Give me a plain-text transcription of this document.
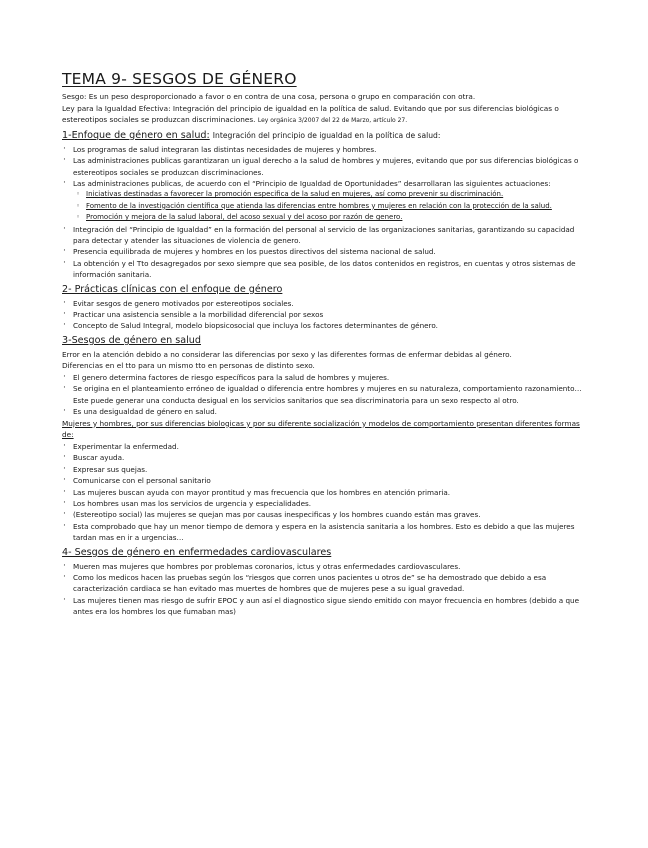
TEMA 9- SESGOS DE GÉNERO

Sesgo: Es un peso desproporcionado a favor o en contra de una cosa, persona o grupo en comparación con otra.

Ley para la Igualdad Efectiva: Integración del principio de igualdad en la política de salud. Evitando que por sus diferencias biológicas o estereotipos sociales se produzcan discriminaciones. Ley orgánica 3/2007 del 22 de Marzo, artículo 27.

1-Enfoque de género en salud: Integración del principio de igualdad en la política de salud:
· Los programas de salud integraran las distintas necesidades de mujeres y hombres.
· Las administraciones publicas garantizaran un igual derecho a la salud de hombres y mujeres, evitando que por sus diferencias biológicas o estereotipos sociales se produzcan discriminaciones.
· Las administraciones publicas, de acuerdo con el “Principio de Igualdad de Oportunidades” desarrollaran las siguientes actuaciones:
◦ Iniciativas destinadas a favorecer la promoción especifica de la salud en mujeres, así como prevenir su discriminación.
◦ Fomento de la investigación científica que atienda las diferencias entre hombres y mujeres en relación con la protección de la salud.
◦ Promoción y mejora de la salud laboral, del acoso sexual y del acoso por razón de genero.
· Integración del “Principio de Igualdad” en la formación del personal al servicio de las organizaciones sanitarias, garantizando su capacidad para detectar y atender las situaciones de violencia de genero.
· Presencia equilibrada de mujeres y hombres en los puestos directivos del sistema nacional de salud.
· La obtención y el Tto desagregados por sexo siempre que sea posible, de los datos contenidos en registros, en cuentas y otros sistemas de información sanitaria.
2- Prácticas clínicas con el enfoque de género
· Evitar sesgos de genero motivados por estereotipos sociales.
· Practicar una asistencia sensible a la morbilidad diferencial por sexos
· Concepto de Salud Integral, modelo biopsicosocial que incluya los factores determinantes de género.
3-Sesgos de género en salud

Error en la atención debido a no considerar las diferencias por sexo y las diferentes formas de enfermar debidas al género.

Diferencias en el tto para un mismo tto en personas de distinto sexo.

· El genero determina factores de riesgo específicos para la salud de hombres y mujeres.
· Se origina en el planteamiento erróneo de igualdad o diferencia entre hombres y mujeres en su naturaleza, comportamiento razonamiento… Este puede generar una conducta desigual en los servicios sanitarios que sea discriminatoria para un sexo respecto al otro.
· Es una desigualdad de género en salud.

Mujeres y hombres, por sus diferencias biologicas y por su diferente socialización y modelos de comportamiento presentan diferentes formas de:

· Experimentar la enfermedad.
· Buscar ayuda.
· Expresar sus quejas.
· Comunicarse con el personal sanitario
· Las mujeres buscan ayuda con mayor prontitud y mas frecuencia que los hombres en atención primaria.
· Los hombres usan mas los servicios de urgencia y especialidades.
· (Estereotipo social) las mujeres se quejan mas por causas inespecificas y los hombres cuando están mas graves.
· Esta comprobado que hay un menor tiempo de demora y espera en la asistencia sanitaria a los hombres. Esto es debido a que las mujeres tardan mas en ir a urgencias…
4- Sesgos de género en enfermedades cardiovasculares
· Mueren mas mujeres que hombres por problemas coronarios, ictus y otras enfermedades cardiovasculares.
· Como los medicos hacen las pruebas según los “riesgos que corren unos pacientes u otros de” se ha demostrado que debido a esa caracterización cardiaca se han evitado mas muertes de hombres que de mujeres pese a su igual gravedad.
· Las mujeres tienen mas riesgo de sufrir EPOC y aun así el diagnostico sigue siendo emitido con mayor frecuencia en hombres (debido a que antes era los hombres los que fumaban mas)
